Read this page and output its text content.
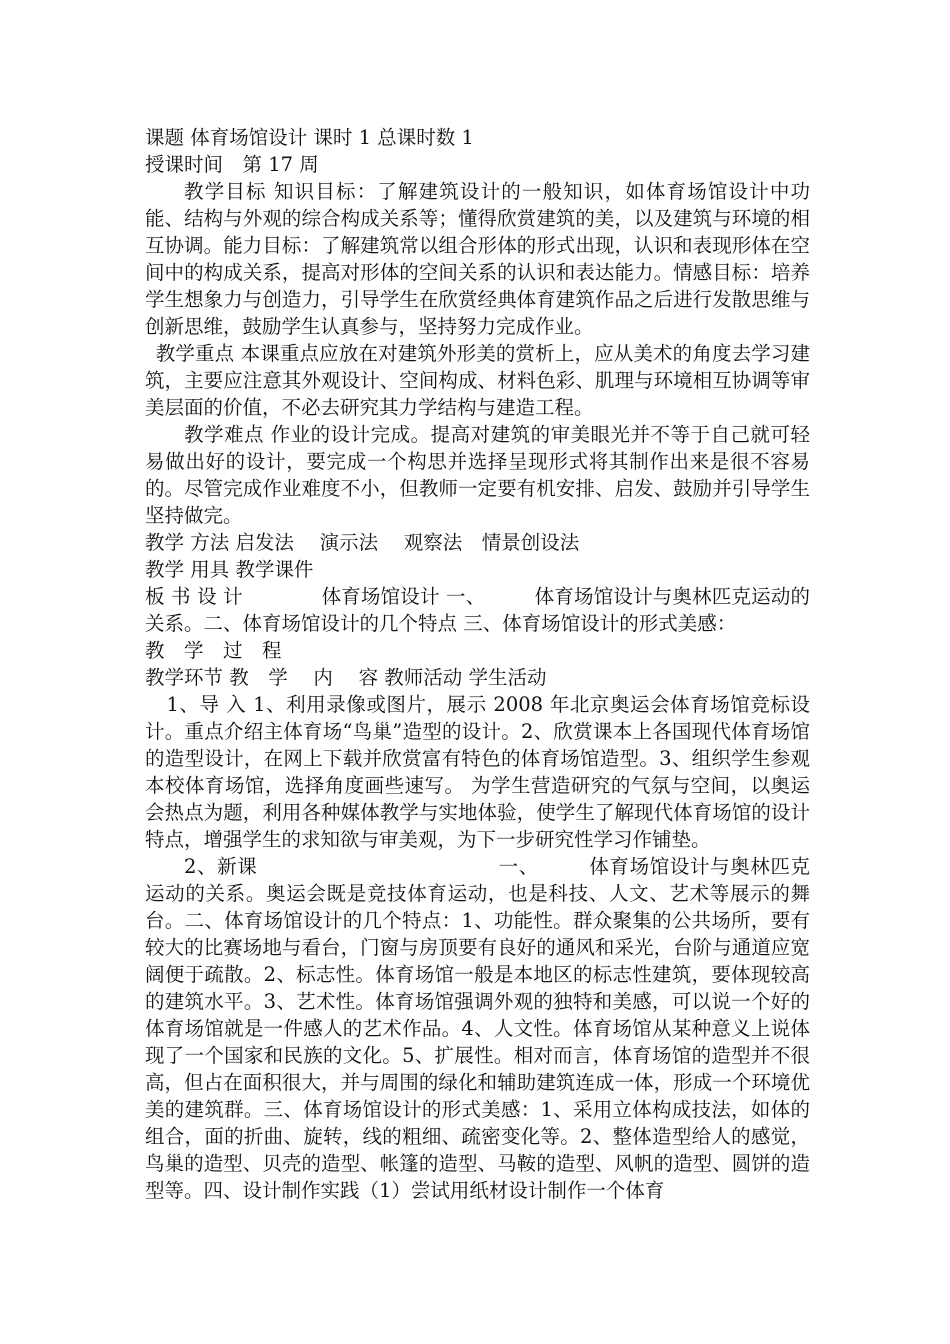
课题 体育场馆设计 课时 1 总课时数 1
授课时间　第 17 周

教学目标 知识目标：了解建筑设计的一般知识，如体育场馆设计中功能、结构与外观的综合构成关系等；懂得欣赏建筑的美，以及建筑与环境的相互协调。能力目标：了解建筑常以组合形体的形式出现，认识和表现形体在空间中的构成关系，提高对形体的空间关系的认识和表达能力。情感目标：培养学生想象力与创造力，引导学生在欣赏经典体育建筑作品之后进行发散思维与创新思维，鼓励学生认真参与，坚持努力完成作业。

教学重点 本课重点应放在对建筑外形美的赏析上，应从美术的角度去学习建筑，主要应注意其外观设计、空间构成、材料色彩、肌理与环境相互协调等审美层面的价值，不必去研究其力学结构与建造工程。

教学难点 作业的设计完成。提高对建筑的审美眼光并不等于自己就可轻易做出好的设计，要完成一个构思并选择呈现形式将其制作出来是很不容易的。尽管完成作业难度不小，但教师一定要有机安排、启发、鼓励并引导学生坚持做完。

教学 方法 启发法　 演示法　 观察法　情景创设法
教学 用具 教学课件

板 书 设 计　　　　体育场馆设计 一、　　　体育场馆设计与奥林匹克运动的关系。二、体育场馆设计的几个特点 三、体育场馆设计的形式美感：

教　学　过　程
教学环节 教　学　 内　 容 教师活动 学生活动

1、导 入 1、利用录像或图片，展示 2008 年北京奥运会体育场馆竞标设计。重点介绍主体育场“鸟巢”造型的设计。2、欣赏课本上各国现代体育场馆的造型设计，在网上下载并欣赏富有特色的体育场馆造型。3、组织学生参观本校体育场馆，选择角度画些速写。 为学生营造研究的气氛与空间，以奥运会热点为题，利用各种媒体教学与实地体验，使学生了解现代体育场馆的设计特点，增强学生的求知欲与审美观，为下一步研究性学习作铺垫。

2、新课　　　　　　　　　　　　一、　　　体育场馆设计与奥林匹克运动的关系。奥运会既是竞技体育运动，也是科技、人文、艺术等展示的舞台。二、体育场馆设计的几个特点：1、功能性。群众聚集的公共场所，要有较大的比赛场地与看台，门窗与房顶要有良好的通风和采光，台阶与通道应宽阔便于疏散。2、标志性。体育场馆一般是本地区的标志性建筑，要体现较高的建筑水平。3、艺术性。体育场馆强调外观的独特和美感，可以说一个好的体育场馆就是一件感人的艺术作品。4、人文性。体育场馆从某种意义上说体现了一个国家和民族的文化。5、扩展性。相对而言，体育场馆的造型并不很高，但占在面积很大，并与周围的绿化和辅助建筑连成一体，形成一个环境优美的建筑群。三、体育场馆设计的形式美感：1、采用立体构成技法，如体的组合，面的折曲、旋转，线的粗细、疏密变化等。2、整体造型给人的感觉，鸟巢的造型、贝壳的造型、帐篷的造型、马鞍的造型、风帆的造型、圆饼的造型等。四、设计制作实践（1）尝试用纸材设计制作一个体育
